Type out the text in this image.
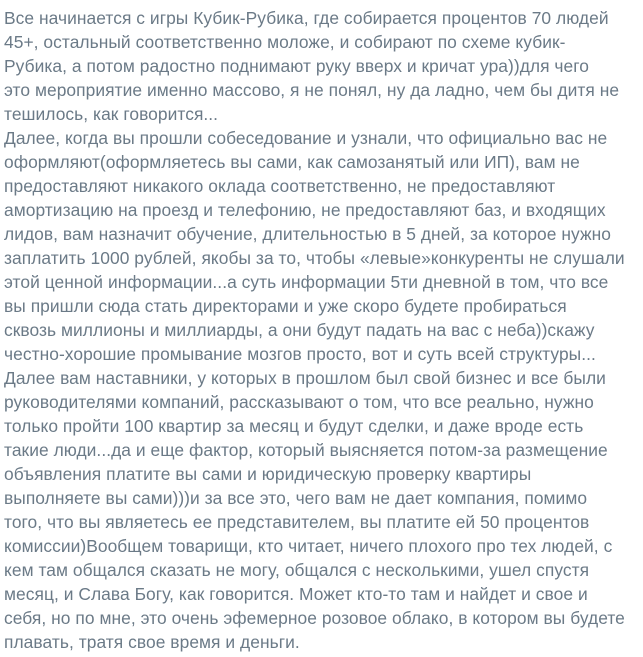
Все начинается с игры Кубик-Рубика, где собирается процентов 70 людей
45+, остальный соответственно моложе, и собирают по схеме кубик-
Рубика, а потом радостно поднимают руку вверх и кричат ура))для чего
это мероприятие именно массово, я не понял, ну да ладно, чем бы дитя не
тешилось, как говорится...
Далее, когда вы прошли собеседование и узнали, что официально вас не
оформляют(оформляетесь вы сами, как самозанятый или ИП), вам не
предоставляют никакого оклада соответственно, не предоставляют
амортизацию на проезд и телефонию, не предоставляют баз, и входящих
лидов, вам назначит обучение, длительностью в 5 дней, за которое нужно
заплатить 1000 рублей, якобы за то, чтобы «левые»конкуренты не слушали
этой ценной информации...а суть информации 5ти дневной в том, что все
вы пришли сюда стать директорами и уже скоро будете пробираться
сквозь миллионы и миллиарды, а они будут падать на вас с неба))скажу
честно-хорошие промывание мозгов просто, вот и суть всей структуры...
Далее вам наставники, у которых в прошлом был свой бизнес и все были
руководителями компаний, рассказывают о том, что все реально, нужно
только пройти 100 квартир за месяц и будут сделки, и даже вроде есть
такие люди...да и еще фактор, который выясняется потом-за размещение
объявления платите вы сами и юридическую проверку квартиры
выполняете вы сами)))и за все это, чего вам не дает компания, помимо
того, что вы являетесь ее представителем, вы платите ей 50 процентов
комиссии)Вообщем товарищи, кто читает, ничего плохого про тех людей, с
кем там общался сказать не могу, общался с несколькими, ушел спустя
месяц, и Слава Богу, как говорится. Может кто-то там и найдет и свое и
себя, но по мне, это очень эфемерное розовое облако, в котором вы будете
плавать, тратя свое время и деньги.
